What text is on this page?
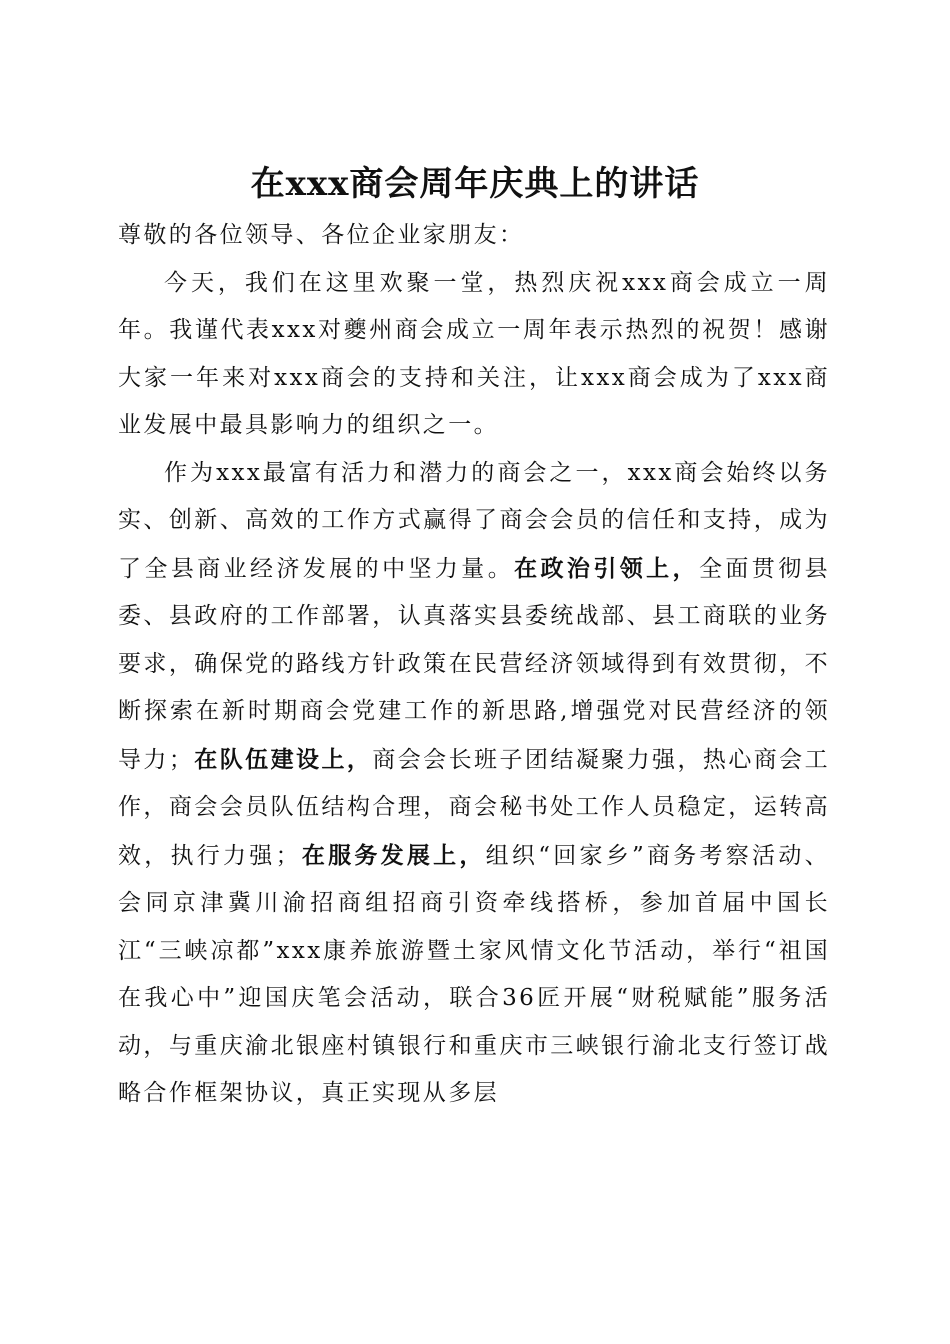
在xxx商会周年庆典上的讲话

尊敬的各位领导、各位企业家朋友：

今天，我们在这里欢聚一堂，热烈庆祝xxx商会成立一周年。我谨代表xxx对夔州商会成立一周年表示热烈的祝贺！感谢大家一年来对xxx商会的支持和关注，让xxx商会成为了xxx商业发展中最具影响力的组织之一。

作为xxx最富有活力和潜力的商会之一，xxx商会始终以务实、创新、高效的工作方式赢得了商会会员的信任和支持，成为了全县商业经济发展的中坚力量。在政治引领上，全面贯彻县委、县政府的工作部署，认真落实县委统战部、县工商联的业务要求，确保党的路线方针政策在民营经济领域得到有效贯彻，不断探索在新时期商会党建工作的新思路,增强党对民营经济的领导力；在队伍建设上，商会会长班子团结凝聚力强，热心商会工作，商会会员队伍结构合理，商会秘书处工作人员稳定，运转高效，执行力强；在服务发展上，组织“回家乡”商务考察活动、会同京津冀川渝招商组招商引资牵线搭桥，参加首届中国长江“三峡凉都”xxx康养旅游暨土家风情文化节活动，举行“祖国在我心中”迎国庆笔会活动，联合36匠开展“财税赋能”服务活动，与重庆渝北银座村镇银行和重庆市三峡银行渝北支行签订战略合作框架协议，真正实现从多层
